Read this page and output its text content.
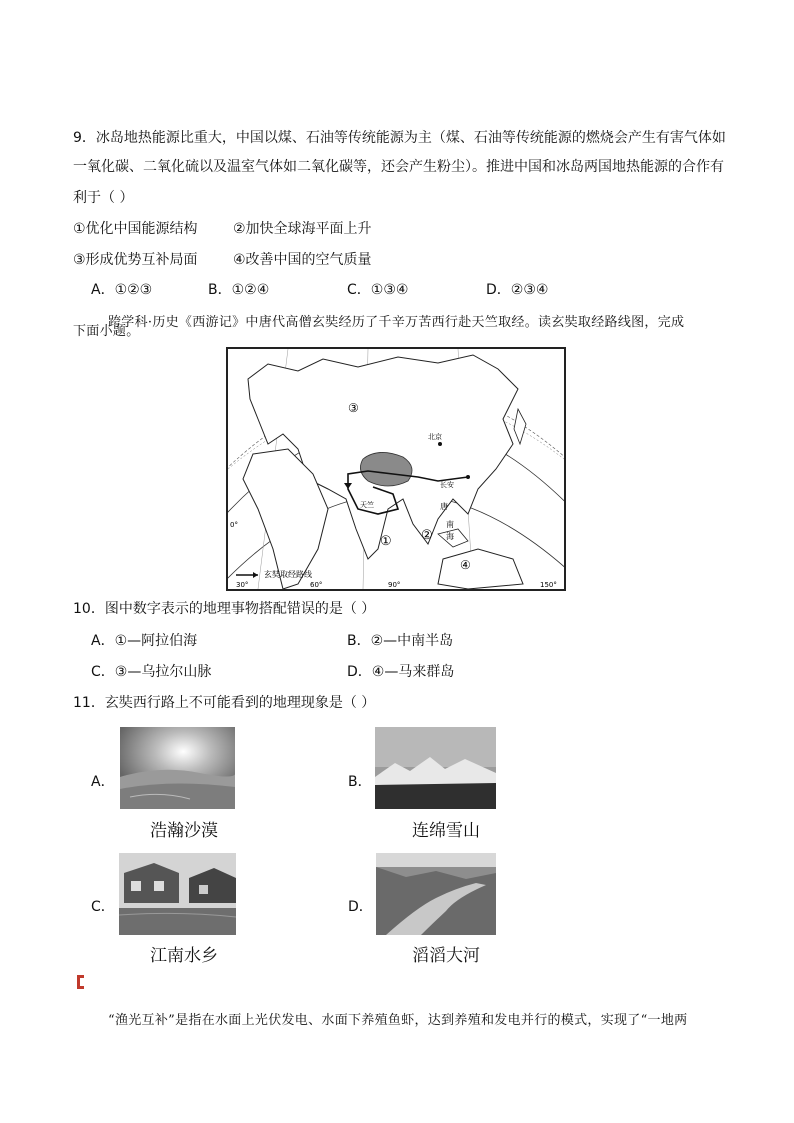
9．冰岛地热能源比重大，中国以煤、石油等传统能源为主（煤、石油等传统能源的燃烧会产生有害气体如
一氧化碳、二氧化硫以及温室气体如二氧化碳等，还会产生粉尘）。推进中国和冰岛两国地热能源的合作有
利于（ ）
①优化中国能源结构	②加快全球海平面上升
③形成优势互补局面	④改善中国的空气质量
A．①②③	B．①②④	C．①③④	D．②③④
跨学科·历史《西游记》中唐代高僧玄奘经历了千辛万苦西行赴天竺取经。读玄奘取经路线图，完成
下面小题。
③
① ②
④
北京
长安
唐
南
海
天竺
0°
30°	60°	90°	150°
玄奘取经路线
10．图中数字表示的地理事物搭配错误的是（ ）
A．①—阿拉伯海	B．②—中南半岛
C．③—乌拉尔山脉	D．④—马来群岛
11．玄奘西行路上不可能看到的地理现象是（ ）
A．
浩瀚沙漠
B．
连绵雪山
C．
江南水乡
D．
滔滔大河
“渔光互补”是指在水面上光伏发电、水面下养殖鱼虾，达到养殖和发电并行的模式，实现了“一地两
